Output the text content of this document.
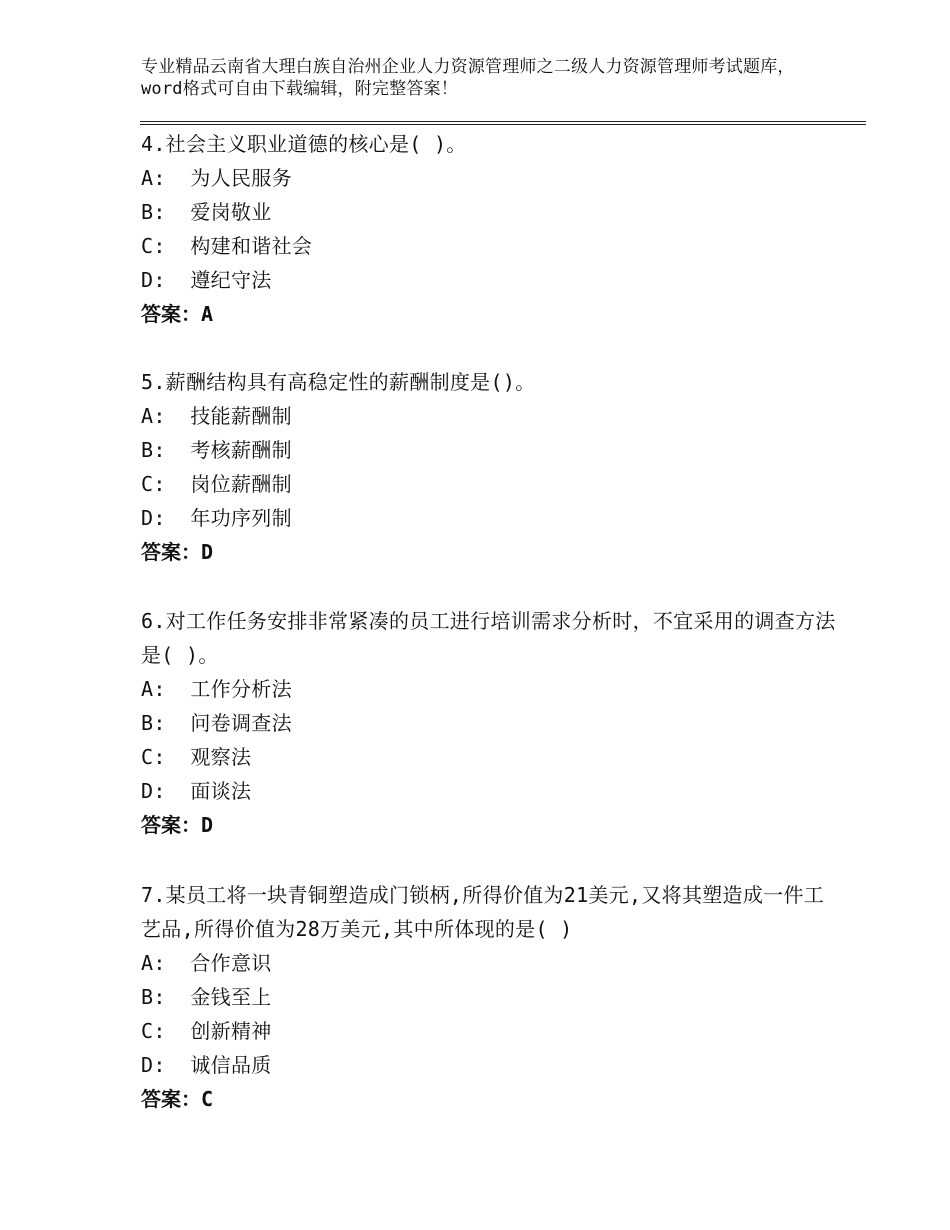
专业精品云南省大理白族自治州企业人力资源管理师之二级人力资源管理师考试题库，word格式可自由下载编辑，附完整答案！

4.社会主义职业道德的核心是( )。

A: 为人民服务

B: 爱岗敬业

C: 构建和谐社会

D: 遵纪守法

答案：A

5.薪酬结构具有高稳定性的薪酬制度是()。

A: 技能薪酬制

B: 考核薪酬制

C: 岗位薪酬制

D: 年功序列制

答案：D

6.对工作任务安排非常紧凑的员工进行培训需求分析时，不宜采用的调查方法是( )。

A: 工作分析法

B: 问卷调查法

C: 观察法

D: 面谈法

答案：D

7.某员工将一块青铜塑造成门锁柄,所得价值为21美元,又将其塑造成一件工艺品,所得价值为28万美元,其中所体现的是( )

A: 合作意识

B: 金钱至上

C: 创新精神

D: 诚信品质

答案：C
